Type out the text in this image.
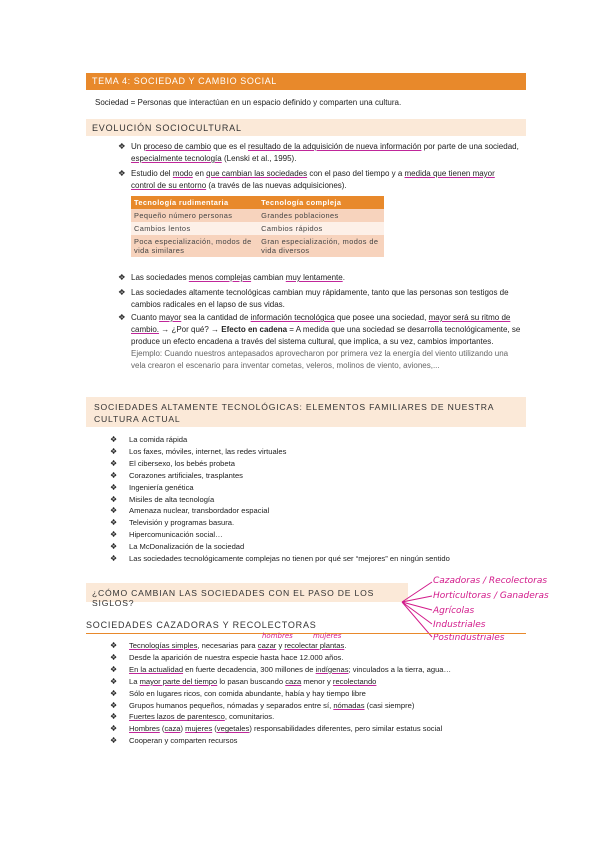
TEMA 4: SOCIEDAD Y CAMBIO SOCIAL
Sociedad = Personas que interactúan en un espacio definido y comparten una cultura.
EVOLUCIÓN SOCIOCULTURAL
❖ Un proceso de cambio que es el resultado de la adquisición de nueva información por parte de una sociedad,
especialmente tecnología (Lenski et al., 1995).
❖ Estudio del modo en que cambian las sociedades con el paso del tiempo y a medida que tienen mayor
control de su entorno (a través de las nuevas adquisiciones).
Tecnología rudimentaria	Tecnología compleja
Pequeño número personas	Grandes poblaciones
Cambios lentos	Cambios rápidos
Poca especialización, modos de vida similares	Gran especialización, modos de vida diversos
❖ Las sociedades menos complejas cambian muy lentamente.
❖ Las sociedades altamente tecnológicas cambian muy rápidamente, tanto que las personas son testigos de
cambios radicales en el lapso de sus vidas.
❖ Cuanto mayor sea la cantidad de información tecnológica que posee una sociedad, mayor será su ritmo de
cambio. → ¿Por qué? → Efecto en cadena = A medida que una sociedad se desarrolla tecnológicamente, se
produce un efecto encadena a través del sistema cultural, que implica, a su vez, cambios importantes.
Ejemplo: Cuando nuestros antepasados aprovecharon por primera vez la energía del viento utilizando una
vela crearon el escenario para inventar cometas, veleros, molinos de viento, aviones,...
SOCIEDADES ALTAMENTE TECNOLÓGICAS: ELEMENTOS FAMILIARES DE NUESTRA CULTURA ACTUAL
❖ La comida rápida
❖ Los faxes, móviles, internet, las redes virtuales
❖ El cibersexo, los bebés probeta
❖ Corazones artificiales, trasplantes
❖ Ingeniería genética
❖ Misiles de alta tecnología
❖ Amenaza nuclear, transbordador espacial
❖ Televisión y programas basura.
❖ Hipercomunicación social…
❖ La McDonalización de la sociedad
❖ Las sociedades tecnológicamente complejas no tienen por qué ser “mejores” en ningún sentido
¿CÓMO CAMBIAN LAS SOCIEDADES CON EL PASO DE LOS SIGLOS?
Cazadoras / Recolectoras
Horticultoras / Ganaderas
Agrícolas
Industriales
Postindustriales
SOCIEDADES CAZADORAS Y RECOLECTORAS
hombres	mujeres
❖ Tecnologías simples, necesarias para cazar y recolectar plantas.
❖ Desde la aparición de nuestra especie hasta hace 12.000 años.
❖ En la actualidad en fuerte decadencia, 300 millones de indígenas; vinculados a la tierra, agua…
❖ La mayor parte del tiempo lo pasan buscando caza menor y recolectando
❖ Sólo en lugares ricos, con comida abundante, había y hay tiempo libre
❖ Grupos humanos pequeños, nómadas y separados entre sí, nómadas (casi siempre)
❖ Fuertes lazos de parentesco, comunitarios.
❖ Hombres (caza) mujeres (vegetales) responsabilidades diferentes, pero similar estatus social
❖ Cooperan y comparten recursos
